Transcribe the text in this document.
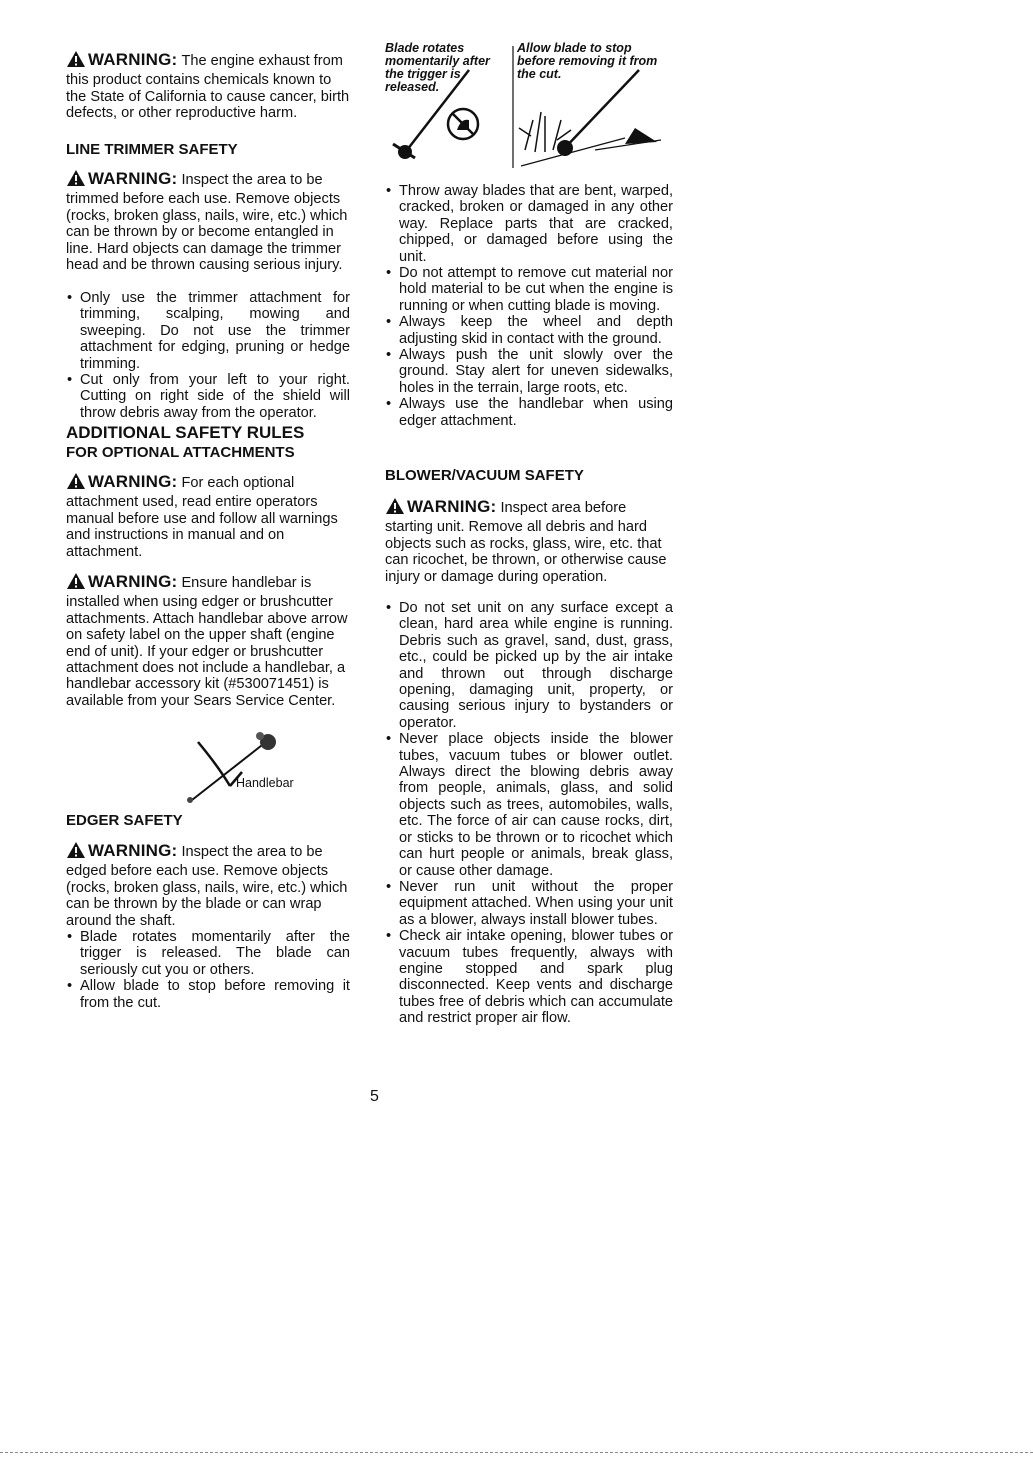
WARNING: The engine exhaust from this product contains chemicals known to the State of California to cause cancer, birth defects, or other reproductive harm.

LINE TRIMMER SAFETY

WARNING: Inspect the area to be trimmed before each use. Remove objects (rocks, broken glass, nails, wire, etc.) which can be thrown by or become entangled in line. Hard objects can damage the trimmer head and be thrown causing serious injury.

• Only use the trimmer attachment for trimming, scalping, mowing and sweeping. Do not use the trimmer attachment for edging, pruning or hedge trimming.
• Cut only from your left to your right. Cutting on right side of the shield will throw debris away from the operator.
ADDITIONAL SAFETY RULES
FOR OPTIONAL ATTACHMENTS

WARNING: For each optional attachment used, read entire operators manual before use and follow all warnings and instructions in manual and on attachment.

WARNING: Ensure handlebar is installed when using edger or brushcutter attachments. Attach handlebar above arrow on safety label on the upper shaft (engine end of unit). If your edger or brushcutter attachment does not include a handlebar, a handlebar accessory kit (#530071451) is available from your Sears Service Center.

Handlebar
EDGER SAFETY

WARNING: Inspect the area to be edged before each use. Remove objects (rocks, broken glass, nails, wire, etc.) which can be thrown by the blade or can wrap around the shaft.

• Blade rotates momentarily after the trigger is released. The blade can seriously cut you or others.
• Allow blade to stop before removing it from the cut.
Blade rotates momentarily after the trigger is released.
Allow blade to stop before removing it from the cut.
• Throw away blades that are bent, warped, cracked, broken or damaged in any other way. Replace parts that are cracked, chipped, or damaged before using the unit.
• Do not attempt to remove cut material nor hold material to be cut when the engine is running or when cutting blade is moving.
• Always keep the wheel and depth adjusting skid in contact with the ground.
• Always push the unit slowly over the ground. Stay alert for uneven sidewalks, holes in the terrain, large roots, etc.
• Always use the handlebar when using edger attachment.
BLOWER/VACUUM SAFETY

WARNING: Inspect area before starting unit. Remove all debris and hard objects such as rocks, glass, wire, etc. that can ricochet, be thrown, or otherwise cause injury or damage during operation.

• Do not set unit on any surface except a clean, hard area while engine is running. Debris such as gravel, sand, dust, grass, etc., could be picked up by the air intake and thrown out through discharge opening, damaging unit, property, or causing serious injury to bystanders or operator.
• Never place objects inside the blower tubes, vacuum tubes or blower outlet. Always direct the blowing debris away from people, animals, glass, and solid objects such as trees, automobiles, walls, etc. The force of air can cause rocks, dirt, or sticks to be thrown or to ricochet which can hurt people or animals, break glass, or cause other damage.
• Never run unit without the proper equipment attached. When using your unit as a blower, always install blower tubes.
• Check air intake opening, blower tubes or vacuum tubes frequently, always with engine stopped and spark plug disconnected. Keep vents and discharge tubes free of debris which can accumulate and restrict proper air flow.
5
